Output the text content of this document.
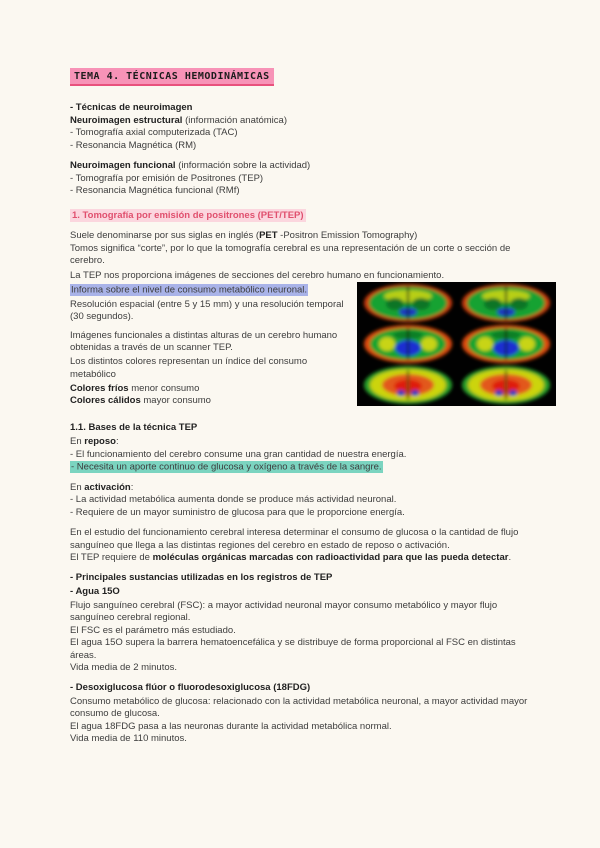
TEMA 4. TÉCNICAS HEMODINÁMICAS

- Técnicas de neuroimagen

Neuroimagen estructural (información anatómica)

- Tomografía axial computerizada (TAC)

- Resonancia Magnética (RM)

Neuroimagen funcional (información sobre la actividad)

- Tomografía por emisión de Positrones (TEP)

- Resonancia Magnética funcional (RMf)

1. Tomografía por emisión de positrones (PET/TEP)

Suele denominarse por sus siglas en inglés (PET -Positron Emission Tomography)

Tomos significa “corte”, por lo que la tomografía cerebral es una representación de un corte o sección de cerebro.

La TEP nos proporciona imágenes de secciones del cerebro humano en funcionamiento.

Informa sobre el nivel de consumo metabólico neuronal.

Resolución espacial (entre 5 y 15 mm) y una resolución temporal (30 segundos).

Imágenes funcionales a distintas alturas de un cerebro humano obtenidas a través de un scanner TEP.

Los distintos colores representan un índice del consumo metabólico

Colores fríos menor consumo

Colores cálidos mayor consumo

1.1. Bases de la técnica TEP

En reposo:

- El funcionamiento del cerebro consume una gran cantidad de nuestra energía.

- Necesita un aporte continuo de glucosa y oxígeno a través de la sangre.

En activación:

- La actividad metabólica aumenta donde se produce más actividad neuronal.

- Requiere de un mayor suministro de glucosa para que le proporcione energía.

En el estudio del funcionamiento cerebral interesa determinar el consumo de glucosa o la cantidad de flujo sanguíneo que llega a las distintas regiones del cerebro en estado de reposo o activación.

El TEP requiere de moléculas orgánicas marcadas con radioactividad para que las pueda detectar.

- Principales sustancias utilizadas en los registros de TEP

- Agua 15O

Flujo sanguíneo cerebral (FSC): a mayor actividad neuronal mayor consumo metabólico y mayor flujo sanguíneo cerebral regional.

El FSC es el parámetro más estudiado.

El agua 15O supera la barrera hematoencefálica y se distribuye de forma proporcional al FSC en distintas áreas.

Vida media de 2 minutos.

- Desoxiglucosa flúor o fluorodesoxiglucosa (18FDG)

Consumo metabólico de glucosa: relacionado con la actividad metabólica neuronal, a mayor actividad mayor consumo de glucosa.

El agua 18FDG pasa a las neuronas durante la actividad metabólica normal.

Vida media de 110 minutos.
